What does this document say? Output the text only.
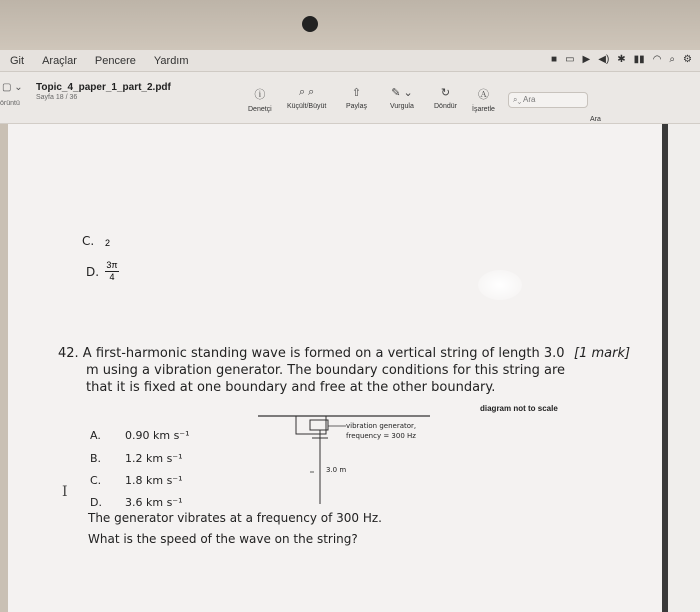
Git Araçlar Pencere Yardım	■ ▭ ▶ ◀) ✱ ▮▮ ◠ ⌕ ⚙
▢ ⌄ Topic_4_paper_1_part_2.pdf
Sayfa 18 / 36
örüntü
ⓘ
Denetçi
⌕ ⌕
Küçült/Büyüt
⇧
Paylaş
✎ ⌄
Vurgula
↻
Döndür
Ⓐ
İşaretle
⌕⌄ Ara
Ara
C. 2
D. 3π
4
42. A first-harmonic standing wave is formed on a vertical string of length 3.0 [1 mark]
m using a vibration generator. The boundary conditions for this string are
that it is fixed at one boundary and free at the other boundary.
diagram not to scale
vibration generator,
frequency = 300 Hz
3.0 m
The generator vibrates at a frequency of 300 Hz.
What is the speed of the wave on the string?
A. 0.90 km s⁻¹
B. 1.2 km s⁻¹
C. 1.8 km s⁻¹
D. 3.6 km s⁻¹
I
